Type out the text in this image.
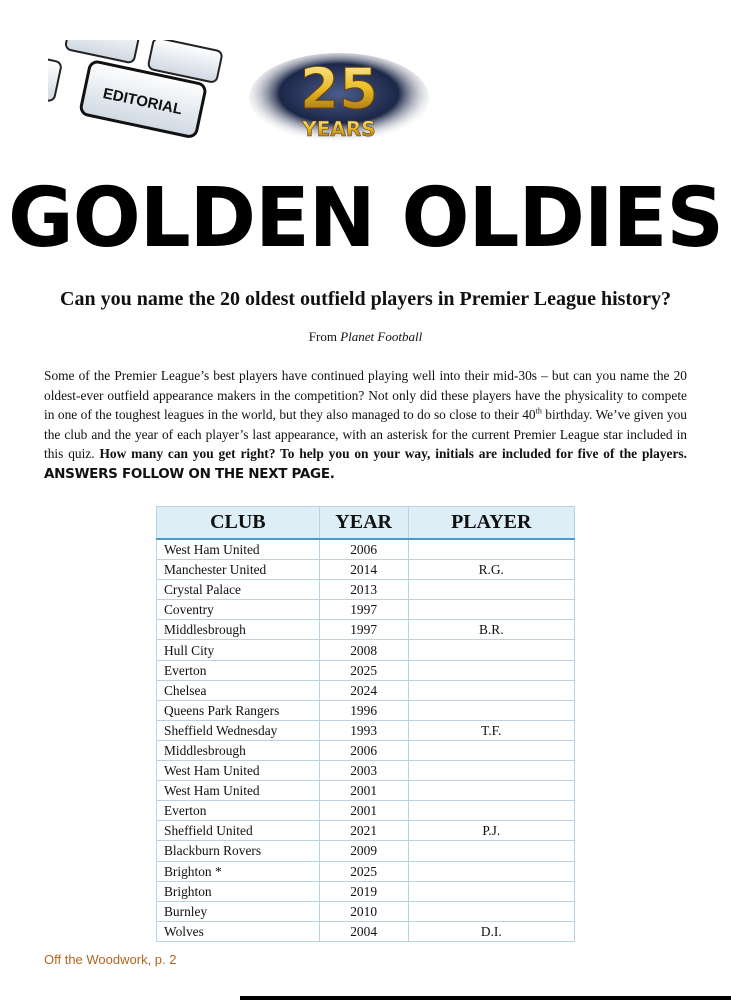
EDITORIAL 25
YEARS
GOLDEN OLDIES
Can you name the 20 oldest outfield players in Premier League history?
From Planet Football
Some of the Premier League’s best players have continued playing well into their mid-30s – but can you name the 20 oldest-ever outfield appearance makers in the competition? Not only did these players have the physicality to compete in one of the toughest leagues in the world, but they also managed to do so close to their 40th birthday. We’ve given you the club and the year of each player’s last appearance, with an asterisk for the current Premier League star included in this quiz. How many can you get right? To help you on your way, initials are included for five of the players. ANSWERS FOLLOW ON THE NEXT PAGE.
CLUB	YEAR	PLAYER
West Ham United	2006	
Manchester United	2014	R.G.
Crystal Palace	2013	
Coventry	1997	
Middlesbrough	1997	B.R.
Hull City	2008	
Everton	2025	
Chelsea	2024	
Queens Park Rangers	1996	
Sheffield Wednesday	1993	T.F.
Middlesbrough	2006	
West Ham United	2003	
West Ham United	2001	
Everton	2001	
Sheffield United	2021	P.J.
Blackburn Rovers	2009	
Brighton *	2025	
Brighton	2019	
Burnley	2010	
Wolves	2004	D.I.
Off the Woodwork, p. 2
